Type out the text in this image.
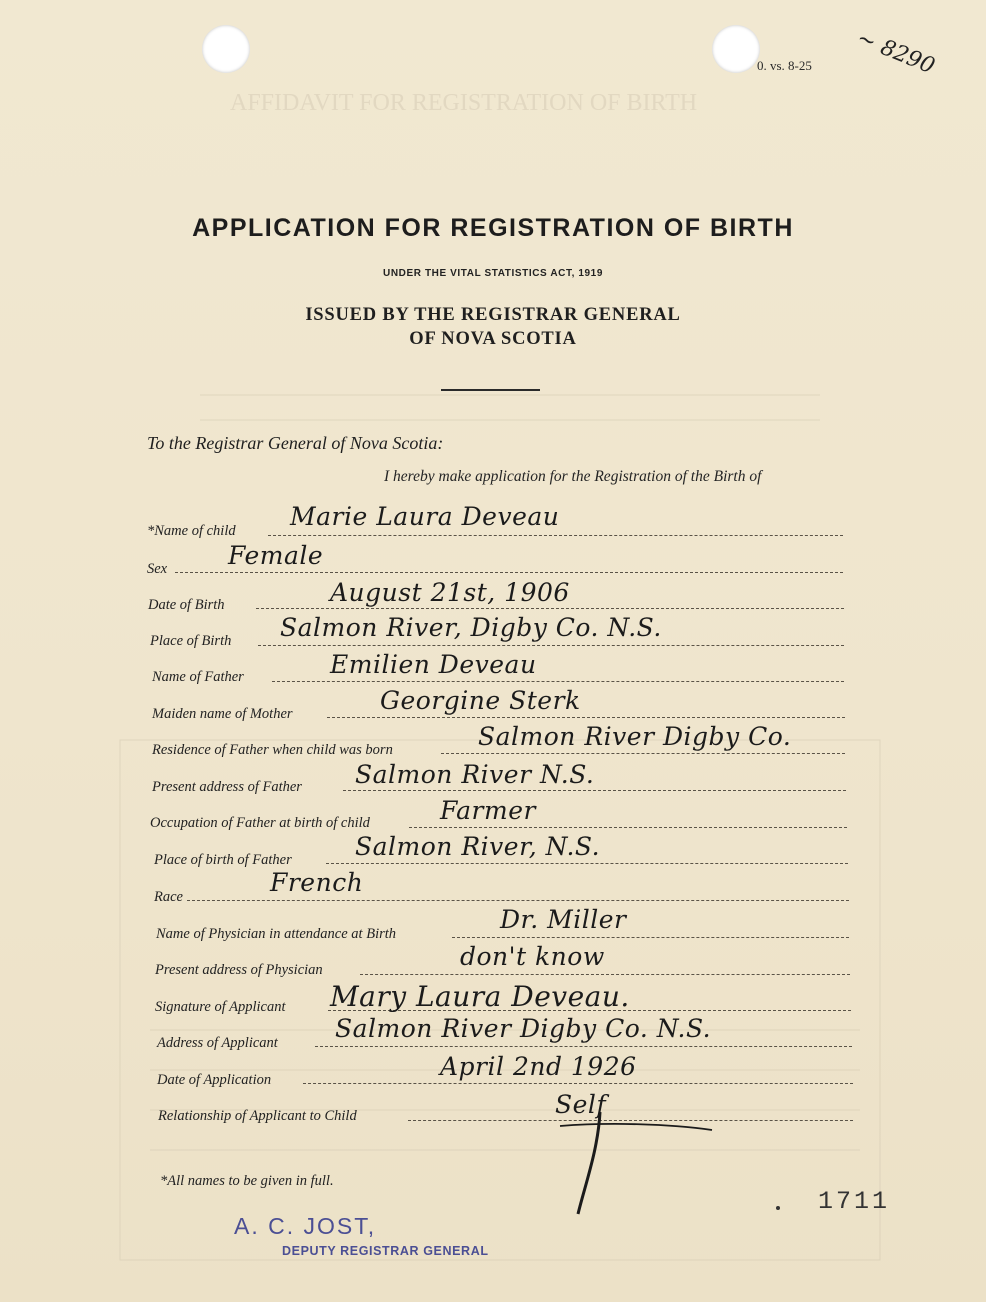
AFFIDAVIT FOR REGISTRATION OF BIRTH
0. vs. 8-25 ~ 8290
APPLICATION FOR REGISTRATION OF BIRTH
UNDER THE VITAL STATISTICS ACT, 1919
ISSUED BY THE REGISTRAR GENERAL
OF NOVA SCOTIA
To the Registrar General of Nova Scotia:
I hereby make application for the Registration of the Birth of
*Name of child Marie Laura Deveau
Sex Female
Date of Birth	August 21st, 1906
Place of Birth Salmon River, Digby Co. N.S.
Name of Father	Emilien Deveau
Maiden name of Mother	Georgine Sterk
Residence of Father when child was born	Salmon River Digby Co.
Present address of Father Salmon River N.S.
Occupation of Father at birth of child	Farmer
Place of birth of Father	Salmon River, N.S.
Race	French
Name of Physician in attendance at Birth	Dr. Miller
Present address of Physician	don't know
Signature of Applicant Mary Laura Deveau.
Address of Applicant Salmon River Digby Co. N.S.
Date of Application	April 2nd 1926
Relationship of Applicant to Child	Self
*All names to be given in full.
A. C. JOST,
DEPUTY REGISTRAR GENERAL
1711
